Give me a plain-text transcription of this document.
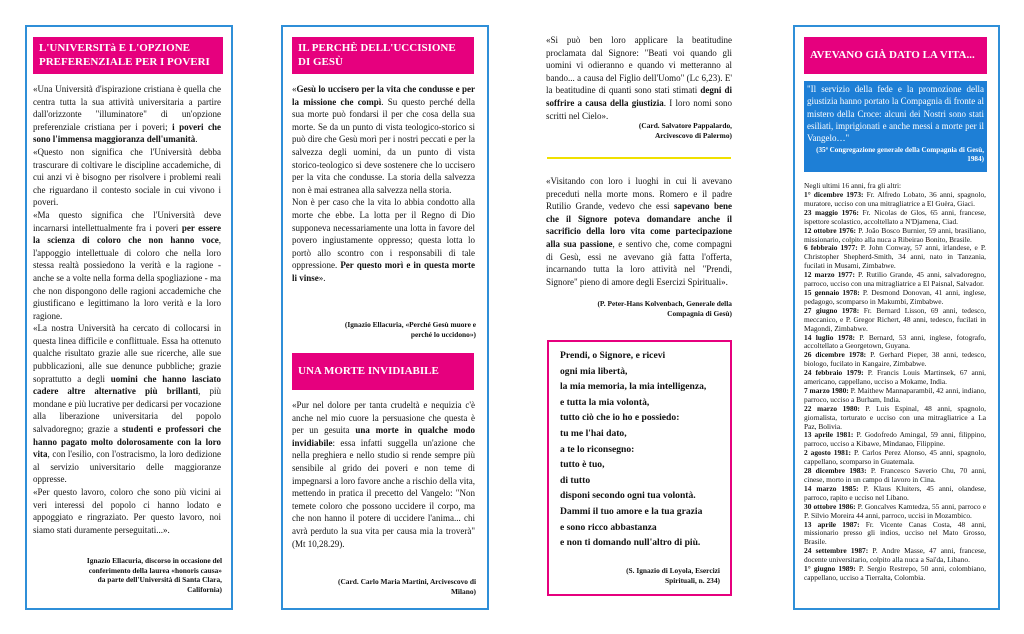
L'UNIVERSITà E L'OPZIONE PREFERENZIALE PER I POVERI

«Una Università d'ispirazione cristiana è quella che centra tutta la sua attività universitaria a partire dall'orizzonte "illuminatore" di un'opzione preferenziale cristiana per i poveri; i poveri che sono l'immensa maggioranza dell'umanità.

«Questo non significa che l'Università debba trascurare di coltivare le discipline accademiche, di cui anzi vi è bisogno per risolvere i problemi reali che riguardano il contesto sociale in cui vivono i poveri.

«Ma questo significa che l'Università deve incarnarsi intellettualmente fra i poveri per essere la scienza di coloro che non hanno voce, l'appoggio intellettuale di coloro che nella loro stessa realtà possiedono la verità e la ragione - anche se a volte nella forma della spogliazione - ma che non dispongono delle ragioni accademiche che giustificano e legittimano la loro verità e la loro ragione.

«La nostra Università ha cercato di collocarsi in questa linea difficile e conflittuale. Essa ha ottenuto qualche risultato grazie alle sue ricerche, alle sue pubblicazioni, alle sue denunce pubbliche; grazie soprattutto a degli uomini che hanno lasciato cadere altre alternative più brillanti, più mondane e più lucrative per dedicarsi per vocazione alla liberazione universitaria del popolo salvadoregno; grazie a studenti e professori che hanno pagato molto dolorosamente con la loro vita, con l'esilio, con l'ostracismo, la loro dedizione al servizio universitario delle maggioranze oppresse.

«Per questo lavoro, coloro che sono più vicini ai veri interessi del popolo ci hanno lodato e appoggiato e ringraziato. Per questo lavoro, noi siamo stati duramente perseguitati...».

Ignazio Ellacuria, discorso in occasione del conferimento della laurea «honoris causa» da parte dell'Università di Santa Clara, California)
IL PERCHÈ DELL'UCCISIONE DI GESÙ

«Gesù lo uccisero per la vita che condusse e per la missione che compì. Su questo perché della sua morte può fondarsi il per che cosa della sua morte. Se da un punto di vista teologico-storico si può dire che Gesù morì per i nostri peccati e per la salvezza degli uomini, da un punto di vista storico-teologico si deve sostenere che lo uccisero per la vita che condusse. La storia della salvezza non è mai estranea alla salvezza nella storia.

Non è per caso che la vita lo abbia condotto alla morte che ebbe. La lotta per il Regno di Dio supponeva necessariamente una lotta in favore del povero ingiustamente oppresso; questa lotta lo portò allo scontro con i responsabili di tale oppressione. Per questo morì e in questa morte li vinse».

(Ignazio Ellacuria, «Perché Gesù muore e perché lo uccidono»)
UNA MORTE INVIDIABILE

«Pur nel dolore per tanta crudeltà e nequizia c'è anche nel mio cuore la persuasione che questa è per un gesuita una morte in qualche modo invidiabile: essa infatti suggella un'azione che nella preghiera e nello studio si rende sempre più sensibile al grido dei poveri e non teme di impegnarsi a loro favore anche a rischio della vita, mettendo in pratica il precetto del Vangelo: "Non temete coloro che possono uccidere il corpo, ma che non hanno il potere di uccidere l'anima... chi avrà perduto la sua vita per causa mia la troverà" (Mt 10,28.29).

(Card. Carlo Maria Martini, Arcivescovo di Milano)

«Si può ben loro applicare la beatitudine proclamata dal Signore: "Beati voi quando gli uomini vi odieranno e quando vi metteranno al bando... a causa del Figlio dell'Uomo" (Lc 6,23). E' la beatitudine di quanti sono stati stimati degni di soffrire a causa della giustizia. I loro nomi sono scritti nel Cielo».

(Card. Salvatore Pappalardo, Arcivescovo di Palermo)

«Visitando con loro i luoghi in cui li avevano preceduti nella morte mons. Romero e il padre Rutilio Grande, vedevo che essi sapevano bene che il Signore poteva domandare anche il sacrificio della loro vita come partecipazione alla sua passione, e sentivo che, come compagni di Gesù, essi ne avevano già fatta l'offerta, incarnando tutta la loro attività nel "Prendi, Signore" pieno di amore degli Esercizi Spirituali».

(P. Peter-Hans Kolvenbach, Generale della Compagnia di Gesù)
Prendi, o Signore, e ricevi
ogni mia libertà,
la mia memoria, la mia intelligenza,
e tutta la mia volontà,
tutto ciò che io ho e possiedo:
tu me l'hai dato,
a te lo riconsegno:
tutto è tuo,
di tutto
disponi secondo ogni tua volontà.
Dammi il tuo amore e la tua grazia
e sono ricco abbastanza
e non ti domando null'altro di più.
(S. Ignazio di Loyola, Esercizi Spirituali, n. 234)
AVEVANO GIÀ DATO LA VITA...
"Il servizio della fede e la promozione della giustizia hanno portato la Compagnia di fronte al mistero della Croce: alcuni dei Nostri sono stati esiliati, imprigionati e anche messi a morte per il Vangelo…"
(35ª Congregazione generale della Compagnia di Gesù, 1984)
Negli ultimi 16 anni, fra gli altri:
1° dicembre 1973: Fr. Alfredo Lobato, 36 anni, spagnolo, muratore, ucciso con una mitragliatrice a El Guèra, Giaci.
23 maggio 1976: Fr. Nicolas de Glos, 65 anni, francese, ispettore scolastico, accoltellato a N'Djamena, Ciad.
12 ottobre 1976: P. João Bosco Burnier, 59 anni, brasiliano, missionario, colpito alla nuca a Ribeirao Bonito, Brasile.
6 febbraio 1977: P. John Conway, 57 anni, irlandese, e P. Christopher Shepherd-Smith, 34 anni, nato in Tanzania, fucilati in Musami, Zimbabwe.
12 marzo 1977: P. Rutilio Grande, 45 anni, salvadoregno, parroco, ucciso con una mitragliatrice a El Paisnal, Salvador.
15 gennaio 1978: P. Desmond Donovan, 41 anni, inglese, pedagogo, scomparso in Makumbi, Zimbabwe.
27 giugno 1978: Fr. Bernard Lisson, 69 anni, tedesco, meccanico, e P. Gregor Richert, 48 anni, tedesco, fucilati in Magondi, Zimbabwe.
14 luglio 1978: P. Bernard, 53 anni, inglese, fotografo, accoltellato a Georgetown, Guyana.
26 dicembre 1978: P. Gerhard Pieper, 38 anni, tedesco, biologo, fucilato in Kangaire, Zimbabwe.
24 febbraio 1979: P. Francis Louis Martinsek, 67 anni, americano, cappellano, ucciso a Mokame, India.
7 marzo 1980: P. Maithew Mannaparambil, 42 anni, indiano, parroco, ucciso a Burham, India.
22 marzo 1980: P. Luis Espinal, 48 anni, spagnolo, giornalista, torturato e ucciso con una mitragliatrice a La Paz, Bolivia.
13 aprile 1981: P. Godofredo Amingal, 59 anni, filippino, parroco, ucciso a Kibawe, Mindanao, Filippine.
2 agosto 1981: P. Carlos Perez Alonso, 45 anni, spagnolo, cappellano, scomparso in Guatemala.
28 dicembre 1983: P. Francesco Saverio Chu, 70 anni, cinese, morto in un campo di lavoro in Cina.
14 marzo 1985: P. Klaus Kluiters, 45 anni, olandese, parroco, rapito e ucciso nel Libano.
30 ottobre 1986: P. Goncalves Kamtedza, 55 anni, parroco e P. Silvio Moreira 44 anni, parroco, uccisi in Mozambico.
13 aprile 1987: Fr. Vicente Canas Costa, 48 anni, missionario presso gli indios, ucciso nel Mato Grosso, Brasile.
24 settembre 1987: P. Andre Masse, 47 anni, francese, docente universitario, colpito alla nuca a Sai'da, Libano.
1° giugno 1989: P. Sergio Restrepo, 50 anni, colombiano, cappellano, ucciso a Tierralta, Colombia.
